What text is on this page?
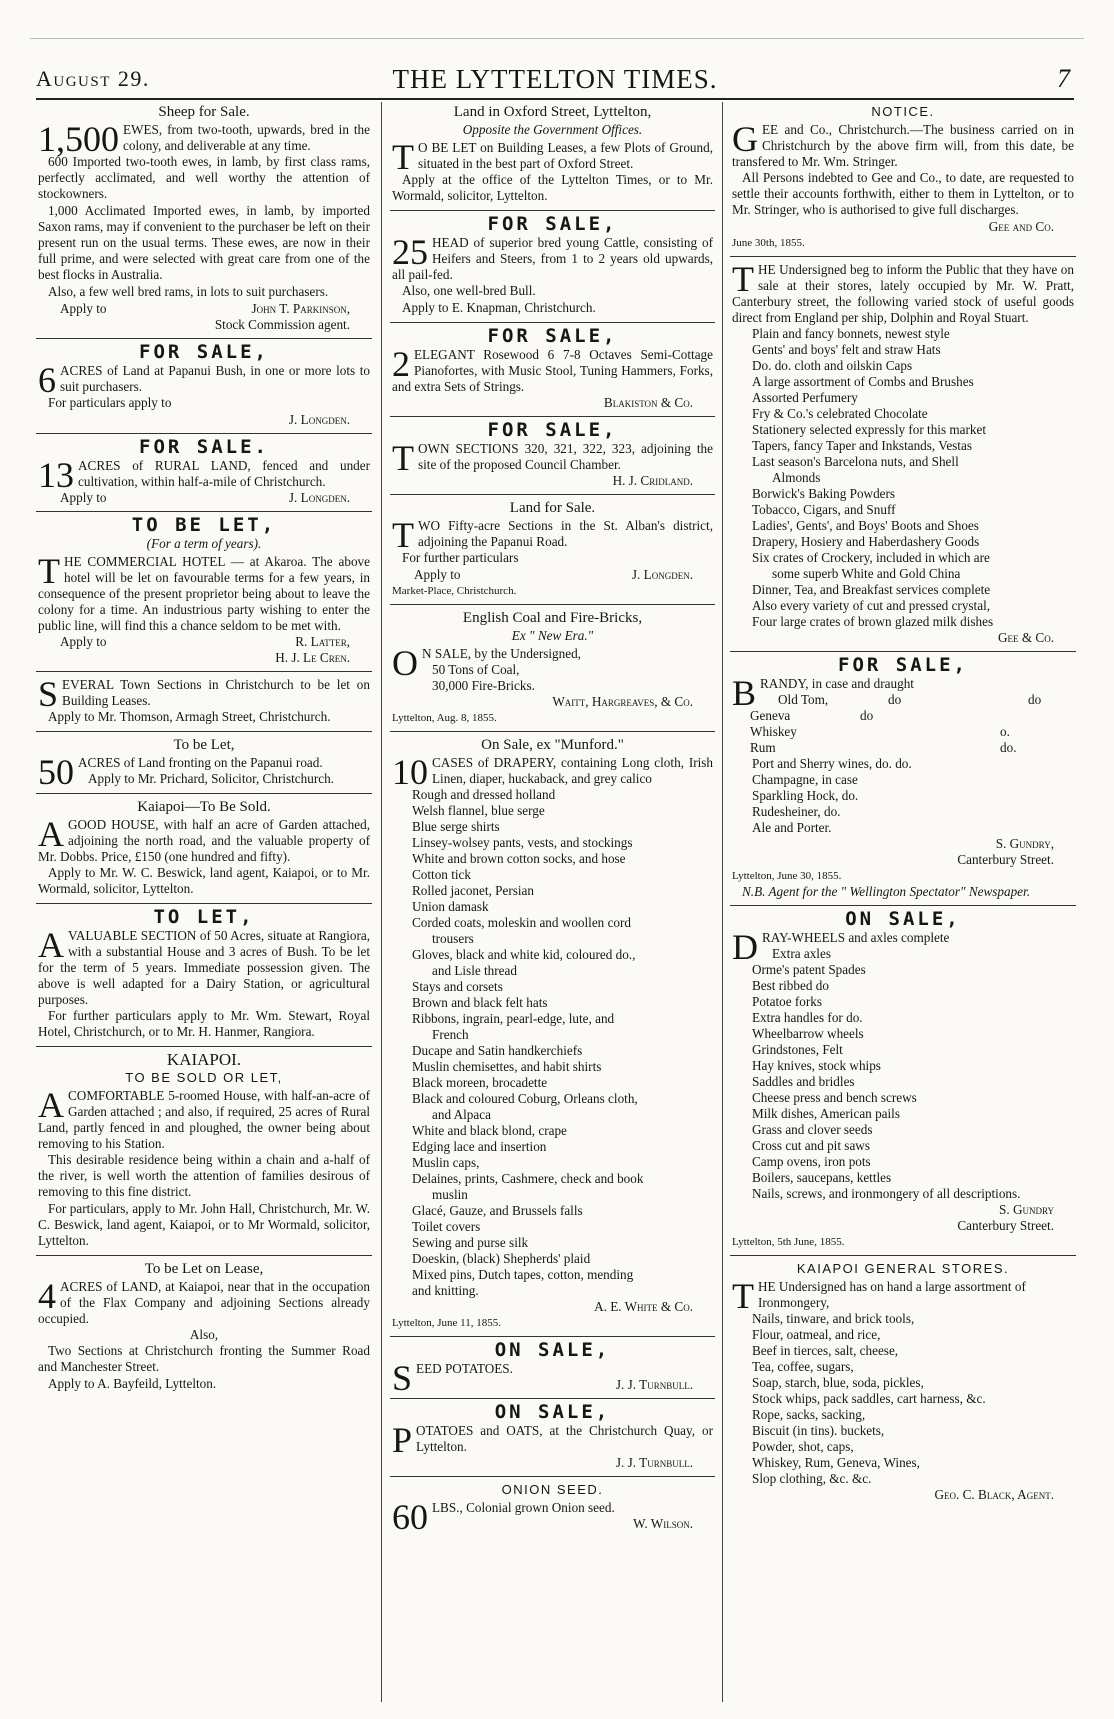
August 29.	THE LYTTELTON TIMES.	7
Sheep for Sale.

1,500 EWES, from two-tooth, upwards, bred in the colony, and deliverable at any time.

600 Imported two-tooth ewes, in lamb, by first class rams, perfectly acclimated, and well worthy the attention of stockowners.

1,000 Acclimated Imported ewes, in lamb, by imported Saxon rams, may if convenient to the purchaser be left on their present run on the usual terms. These ewes, are now in their full prime, and were selected with great care from one of the best flocks in Australia.

Also, a few well bred rams, in lots to suit purchasers.

Apply to	John T. Parkinson,
Stock Commission agent.
FOR SALE,

6 ACRES of Land at Papanui Bush, in one or more lots to suit purchasers.

For particulars apply to

J. Longden.
FOR SALE.

13 ACRES of RURAL LAND, fenced and under cultivation, within half-a-mile of Christchurch.

Apply to	J. Longden.
TO BE LET,
(For a term of years).

THE COMMERCIAL HOTEL — at Akaroa. The above hotel will be let on favourable terms for a few years, in consequence of the present proprietor being about to leave the colony for a time. An industrious party wishing to enter the public line, will find this a chance seldom to be met with.

Apply to	R. Latter,
H. J. Le Cren.

SEVERAL Town Sections in Christchurch to be let on Building Leases.

Apply to Mr. Thomson, Armagh Street, Christchurch.

To be Let,

50 ACRES of Land fronting on the Papanui road.

Apply to Mr. Prichard, Solicitor, Christchurch.

Kaiapoi—To Be Sold.

AGOOD HOUSE, with half an acre of Garden attached, adjoining the north road, and the valuable property of Mr. Dobbs. Price, £150 (one hundred and fifty).

Apply to Mr. W. C. Beswick, land agent, Kaiapoi, or to Mr. Wormald, solicitor, Lyttelton.

TO LET,

AVALUABLE SECTION of 50 Acres, situate at Rangiora, with a substantial House and 3 acres of Bush. To be let for the term of 5 years. Immediate possession given. The above is well adapted for a Dairy Station, or agricultural purposes.

For further particulars apply to Mr. Wm. Stewart, Royal Hotel, Christchurch, or to Mr. H. Hanmer, Rangiora.

KAIAPOI.
TO BE SOLD OR LET,

ACOMFORTABLE 5-roomed House, with half-an-acre of Garden attached ; and also, if required, 25 acres of Rural Land, partly fenced in and ploughed, the owner being about removing to his Station.

This desirable residence being within a chain and a-half of the river, is well worth the attention of families desirous of removing to this fine district.

For particulars, apply to Mr. John Hall, Christchurch, Mr. W. C. Beswick, land agent, Kaiapoi, or to Mr Wormald, solicitor, Lyttelton.

To be Let on Lease,

4 ACRES of LAND, at Kaiapoi, near that in the occupation of the Flax Company and adjoining Sections already occupied.

Also,

Two Sections at Christchurch fronting the Summer Road and Manchester Street.

Apply to A. Bayfeild, Lyttelton.

Land in Oxford Street, Lyttelton,
Opposite the Government Offices.

T O BE LET on Building Leases, a few Plots of Ground, situated in the best part of Oxford Street.

Apply at the office of the Lyttelton Times, or to Mr. Wormald, solicitor, Lyttelton.

FOR SALE,

25 HEAD of superior bred young Cattle, consisting of Heifers and Steers, from 1 to 2 years old upwards, all pail-fed.

Also, one well-bred Bull.

Apply to E. Knapman, Christchurch.

FOR SALE,

2 ELEGANT Rosewood 6 7-8 Octaves Semi-Cottage Pianofortes, with Music Stool, Tuning Hammers, Forks, and extra Sets of Strings.

Blakiston & Co.
FOR SALE,

TOWN SECTIONS 320, 321, 322, 323, adjoining the site of the proposed Council Chamber.

H. J. Cridland.
Land for Sale.

TWO Fifty-acre Sections in the St. Alban's district, adjoining the Papanui Road.

For further particulars

Apply to	J. Longden.
Market-Place, Christchurch.
English Coal and Fire-Bricks,
Ex " New Era."

O N SALE, by the Undersigned,

50 Tons of Coal,
30,000 Fire-Bricks.
Waitt, Hargreaves, & Co.
Lyttelton, Aug. 8, 1855.
On Sale, ex "Munford."

10 CASES of DRAPERY, containing Long cloth, Irish Linen, diaper, huckaback, and grey calico

Rough and dressed holland
Welsh flannel, blue serge
Blue serge shirts
Linsey-wolsey pants, vests, and stockings
White and brown cotton socks, and hose
Cotton tick
Rolled jaconet, Persian
Union damask
Corded coats, moleskin and woollen cord
trousers
Gloves, black and white kid, coloured do.,
and Lisle thread
Stays and corsets
Brown and black felt hats
Ribbons, ingrain, pearl-edge, lute, and
French
Ducape and Satin handkerchiefs
Muslin chemisettes, and habit shirts
Black moreen, brocadette
Black and coloured Coburg, Orleans cloth,
and Alpaca
White and black blond, crape
Edging lace and insertion
Muslin caps,
Delaines, prints, Cashmere, check and book
muslin
Glacé, Gauze, and Brussels falls
Toilet covers
Sewing and purse silk
Doeskin, (black) Shepherds' plaid
Mixed pins, Dutch tapes, cotton, mending
and knitting.
A. E. White & Co.
Lyttelton, June 11, 1855.
ON SALE,

SEED POTATOES.

J. J. Turnbull.
ON SALE,

POTATOES and OATS, at the Christchurch Quay, or Lyttelton.

J. J. Turnbull.
ONION SEED.

60 LBS., Colonial grown Onion seed.

W. Wilson.
NOTICE.

GEE and Co., Christchurch.—The business carried on in Christchurch by the above firm will, from this date, be transfered to Mr. Wm. Stringer.

All Persons indebted to Gee and Co., to date, are requested to settle their accounts forthwith, either to them in Lyttelton, or to Mr. Stringer, who is authorised to give full discharges.

Gee and Co.
June 30th, 1855.

THE Undersigned beg to inform the Public that they have on sale at their stores, lately occupied by Mr. W. Pratt, Canterbury street, the following varied stock of useful goods direct from England per ship, Dolphin and Royal Stuart.

Plain and fancy bonnets, newest style
Gents' and boys' felt and straw Hats
Do. do. cloth and oilskin Caps
A large assortment of Combs and Brushes
Assorted Perfumery
Fry & Co.'s celebrated Chocolate
Stationery selected expressly for this market
Tapers, fancy Taper and Inkstands, Vestas
Last season's Barcelona nuts, and Shell
Almonds
Borwick's Baking Powders
Tobacco, Cigars, and Snuff
Ladies', Gents', and Boys' Boots and Shoes
Drapery, Hosiery and Haberdashery Goods
Six crates of Crockery, included in which are
some superb White and Gold China
Dinner, Tea, and Breakfast services complete
Also every variety of cut and pressed crystal,
Four large crates of brown glazed milk dishes
Gee & Co.
FOR SALE,

BRANDY, in case and draught

Old Tom,	do	do
Geneva	do
Whiskey	o.
Rum	do.
Port and Sherry wines, do. do.
Champagne, in case
Sparkling Hock, do.
Rudesheiner, do.
Ale and Porter.
S. Gundry,
Canterbury Street.
Lyttelton, June 30, 1855.
N.B. Agent for the " Wellington Spectator" Newspaper.
ON SALE,

DRAY-WHEELS and axles complete

Extra axles
Orme's patent Spades
Best ribbed do
Potatoe forks
Extra handles for do.
Wheelbarrow wheels
Grindstones, Felt
Hay knives, stock whips
Saddles and bridles
Cheese press and bench screws
Milk dishes, American pails
Grass and clover seeds
Cross cut and pit saws
Camp ovens, iron pots
Boilers, saucepans, kettles
Nails, screws, and ironmongery of all descriptions.
S. Gundry
Canterbury Street.
Lyttelton, 5th June, 1855.
KAIAPOI GENERAL STORES.

THE Undersigned has on hand a large assortment of

Ironmongery,
Nails, tinware, and brick tools,
Flour, oatmeal, and rice,
Beef in tierces, salt, cheese,
Tea, coffee, sugars,
Soap, starch, blue, soda, pickles,
Stock whips, pack saddles, cart harness, &c.
Rope, sacks, sacking,
Biscuit (in tins). buckets,
Powder, shot, caps,
Whiskey, Rum, Geneva, Wines,
Slop clothing, &c. &c.
Geo. C. Black, Agent.
